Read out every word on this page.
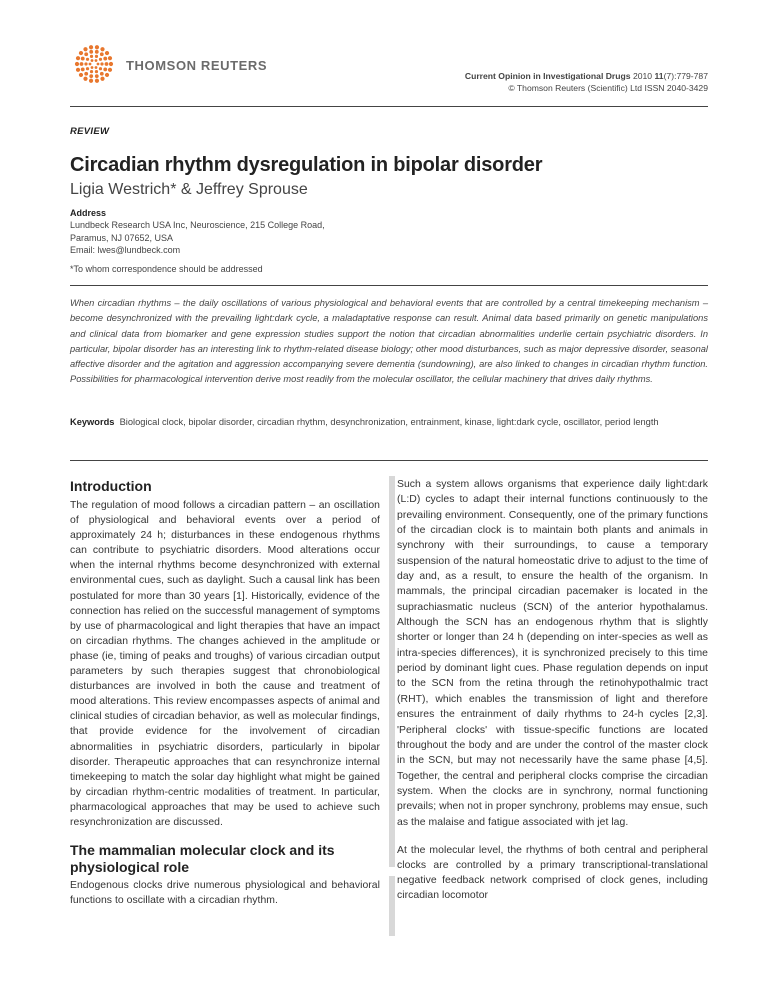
THOMSON REUTERS
Current Opinion in Investigational Drugs 2010 11(7):779-787
© Thomson Reuters (Scientific) Ltd ISSN 2040-3429
REVIEW
Circadian rhythm dysregulation in bipolar disorder
Ligia Westrich* & Jeffrey Sprouse
Address
Lundbeck Research USA Inc, Neuroscience, 215 College Road,
Paramus, NJ 07652, USA
Email: lwes@lundbeck.com
*To whom correspondence should be addressed
When circadian rhythms – the daily oscillations of various physiological and behavioral events that are controlled by a central timekeeping mechanism – become desynchronized with the prevailing light:dark cycle, a maladaptative response can result. Animal data based primarily on genetic manipulations and clinical data from biomarker and gene expression studies support the notion that circadian abnormalities underlie certain psychiatric disorders. In particular, bipolar disorder has an interesting link to rhythm-related disease biology; other mood disturbances, such as major depressive disorder, seasonal affective disorder and the agitation and aggression accompanying severe dementia (sundowning), are also linked to changes in circadian rhythm function. Possibilities for pharmacological intervention derive most readily from the molecular oscillator, the cellular machinery that drives daily rhythms.
Keywords Biological clock, bipolar disorder, circadian rhythm, desynchronization, entrainment, kinase, light:dark cycle, oscillator, period length
Introduction
The regulation of mood follows a circadian pattern – an oscillation of physiological and behavioral events over a period of approximately 24 h; disturbances in these endogenous rhythms can contribute to psychiatric disorders. Mood alterations occur when the internal rhythms become desynchronized with external environmental cues, such as daylight. Such a causal link has been postulated for more than 30 years [1]. Historically, evidence of the connection has relied on the successful management of symptoms by use of pharmacological and light therapies that have an impact on circadian rhythms. The changes achieved in the amplitude or phase (ie, timing of peaks and troughs) of various circadian output parameters by such therapies suggest that chronobiological disturbances are involved in both the cause and treatment of mood alterations. This review encompasses aspects of animal and clinical studies of circadian behavior, as well as molecular findings, that provide evidence for the involvement of circadian abnormalities in psychiatric disorders, particularly in bipolar disorder. Therapeutic approaches that can resynchronize internal timekeeping to match the solar day highlight what might be gained by circadian rhythm-centric modalities of treatment. In particular, pharmacological approaches that may be used to achieve such resynchronization are discussed.
The mammalian molecular clock and its physiological role
Endogenous clocks drive numerous physiological and behavioral functions to oscillate with a circadian rhythm.
Such a system allows organisms that experience daily light:dark (L:D) cycles to adapt their internal functions continuously to the prevailing environment. Consequently, one of the primary functions of the circadian clock is to maintain both plants and animals in synchrony with their surroundings, to cause a temporary suspension of the natural homeostatic drive to adjust to the time of day and, as a result, to ensure the health of the organism. In mammals, the principal circadian pacemaker is located in the suprachiasmatic nucleus (SCN) of the anterior hypothalamus. Although the SCN has an endogenous rhythm that is slightly shorter or longer than 24 h (depending on inter-species as well as intra-species differences), it is synchronized precisely to this time period by dominant light cues. Phase regulation depends on input to the SCN from the retina through the retinohypothalmic tract (RHT), which enables the transmission of light and therefore ensures the entrainment of daily rhythms to 24-h cycles [2,3]. 'Peripheral clocks' with tissue-specific functions are located throughout the body and are under the control of the master clock in the SCN, but may not necessarily have the same phase [4,5]. Together, the central and peripheral clocks comprise the circadian system. When the clocks are in synchrony, normal functioning prevails; when not in proper synchrony, problems may ensue, such as the malaise and fatigue associated with jet lag.
At the molecular level, the rhythms of both central and peripheral clocks are controlled by a primary transcriptional-translational negative feedback network comprised of clock genes, including circadian locomotor
